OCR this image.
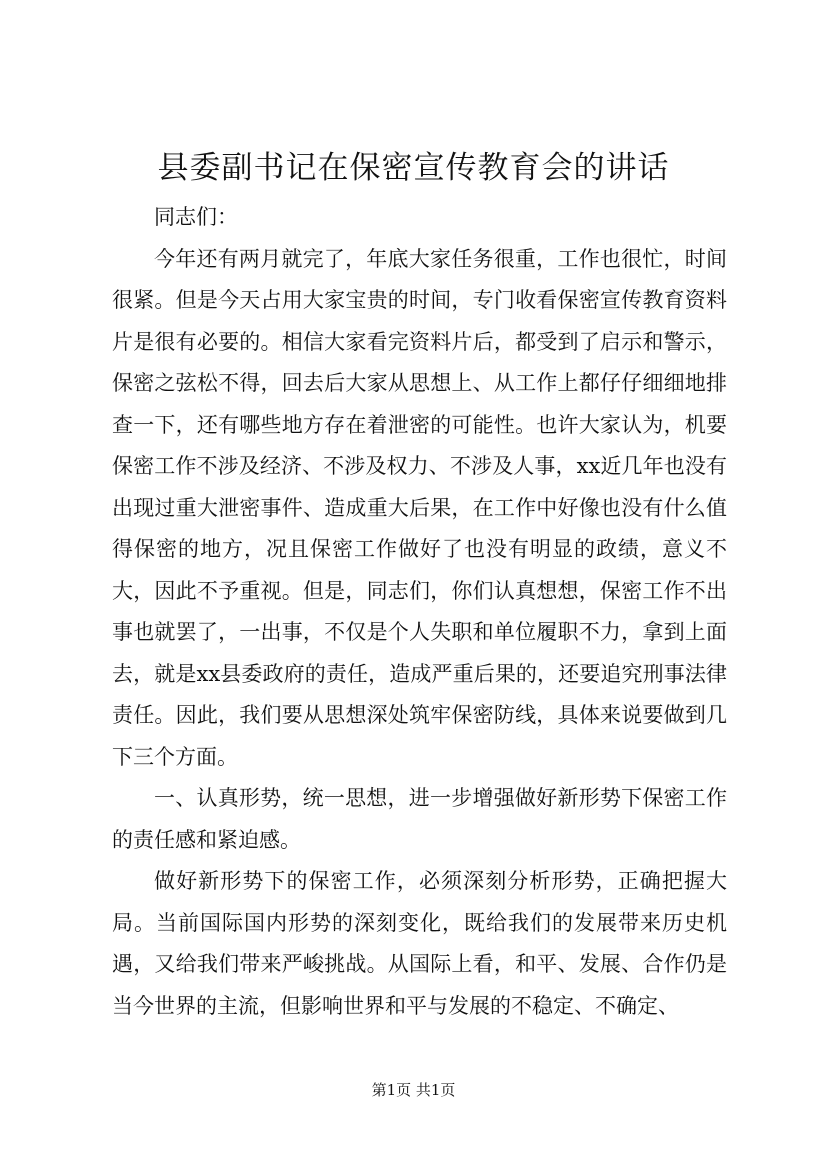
县委副书记在保密宣传教育会的讲话

同志们：

今年还有两月就完了，年底大家任务很重，工作也很忙，时间很紧。但是今天占用大家宝贵的时间，专门收看保密宣传教育资料片是很有必要的。相信大家看完资料片后，都受到了启示和警示，保密之弦松不得，回去后大家从思想上、从工作上都仔仔细细地排查一下，还有哪些地方存在着泄密的可能性。也许大家认为，机要保密工作不涉及经济、不涉及权力、不涉及人事，xx近几年也没有出现过重大泄密事件、造成重大后果，在工作中好像也没有什么值得保密的地方，况且保密工作做好了也没有明显的政绩，意义不大，因此不予重视。但是，同志们，你们认真想想，保密工作不出事也就罢了，一出事，不仅是个人失职和单位履职不力，拿到上面去，就是xx县委政府的责任，造成严重后果的，还要追究刑事法律责任。因此，我们要从思想深处筑牢保密防线，具体来说要做到几下三个方面。

一、认真形势，统一思想，进一步增强做好新形势下保密工作的责任感和紧迫感。

做好新形势下的保密工作，必须深刻分析形势，正确把握大局。当前国际国内形势的深刻变化，既给我们的发展带来历史机遇，又给我们带来严峻挑战。从国际上看，和平、发展、合作仍是当今世界的主流，但影响世界和平与发展的不稳定、不确定、

第1页 共1页
